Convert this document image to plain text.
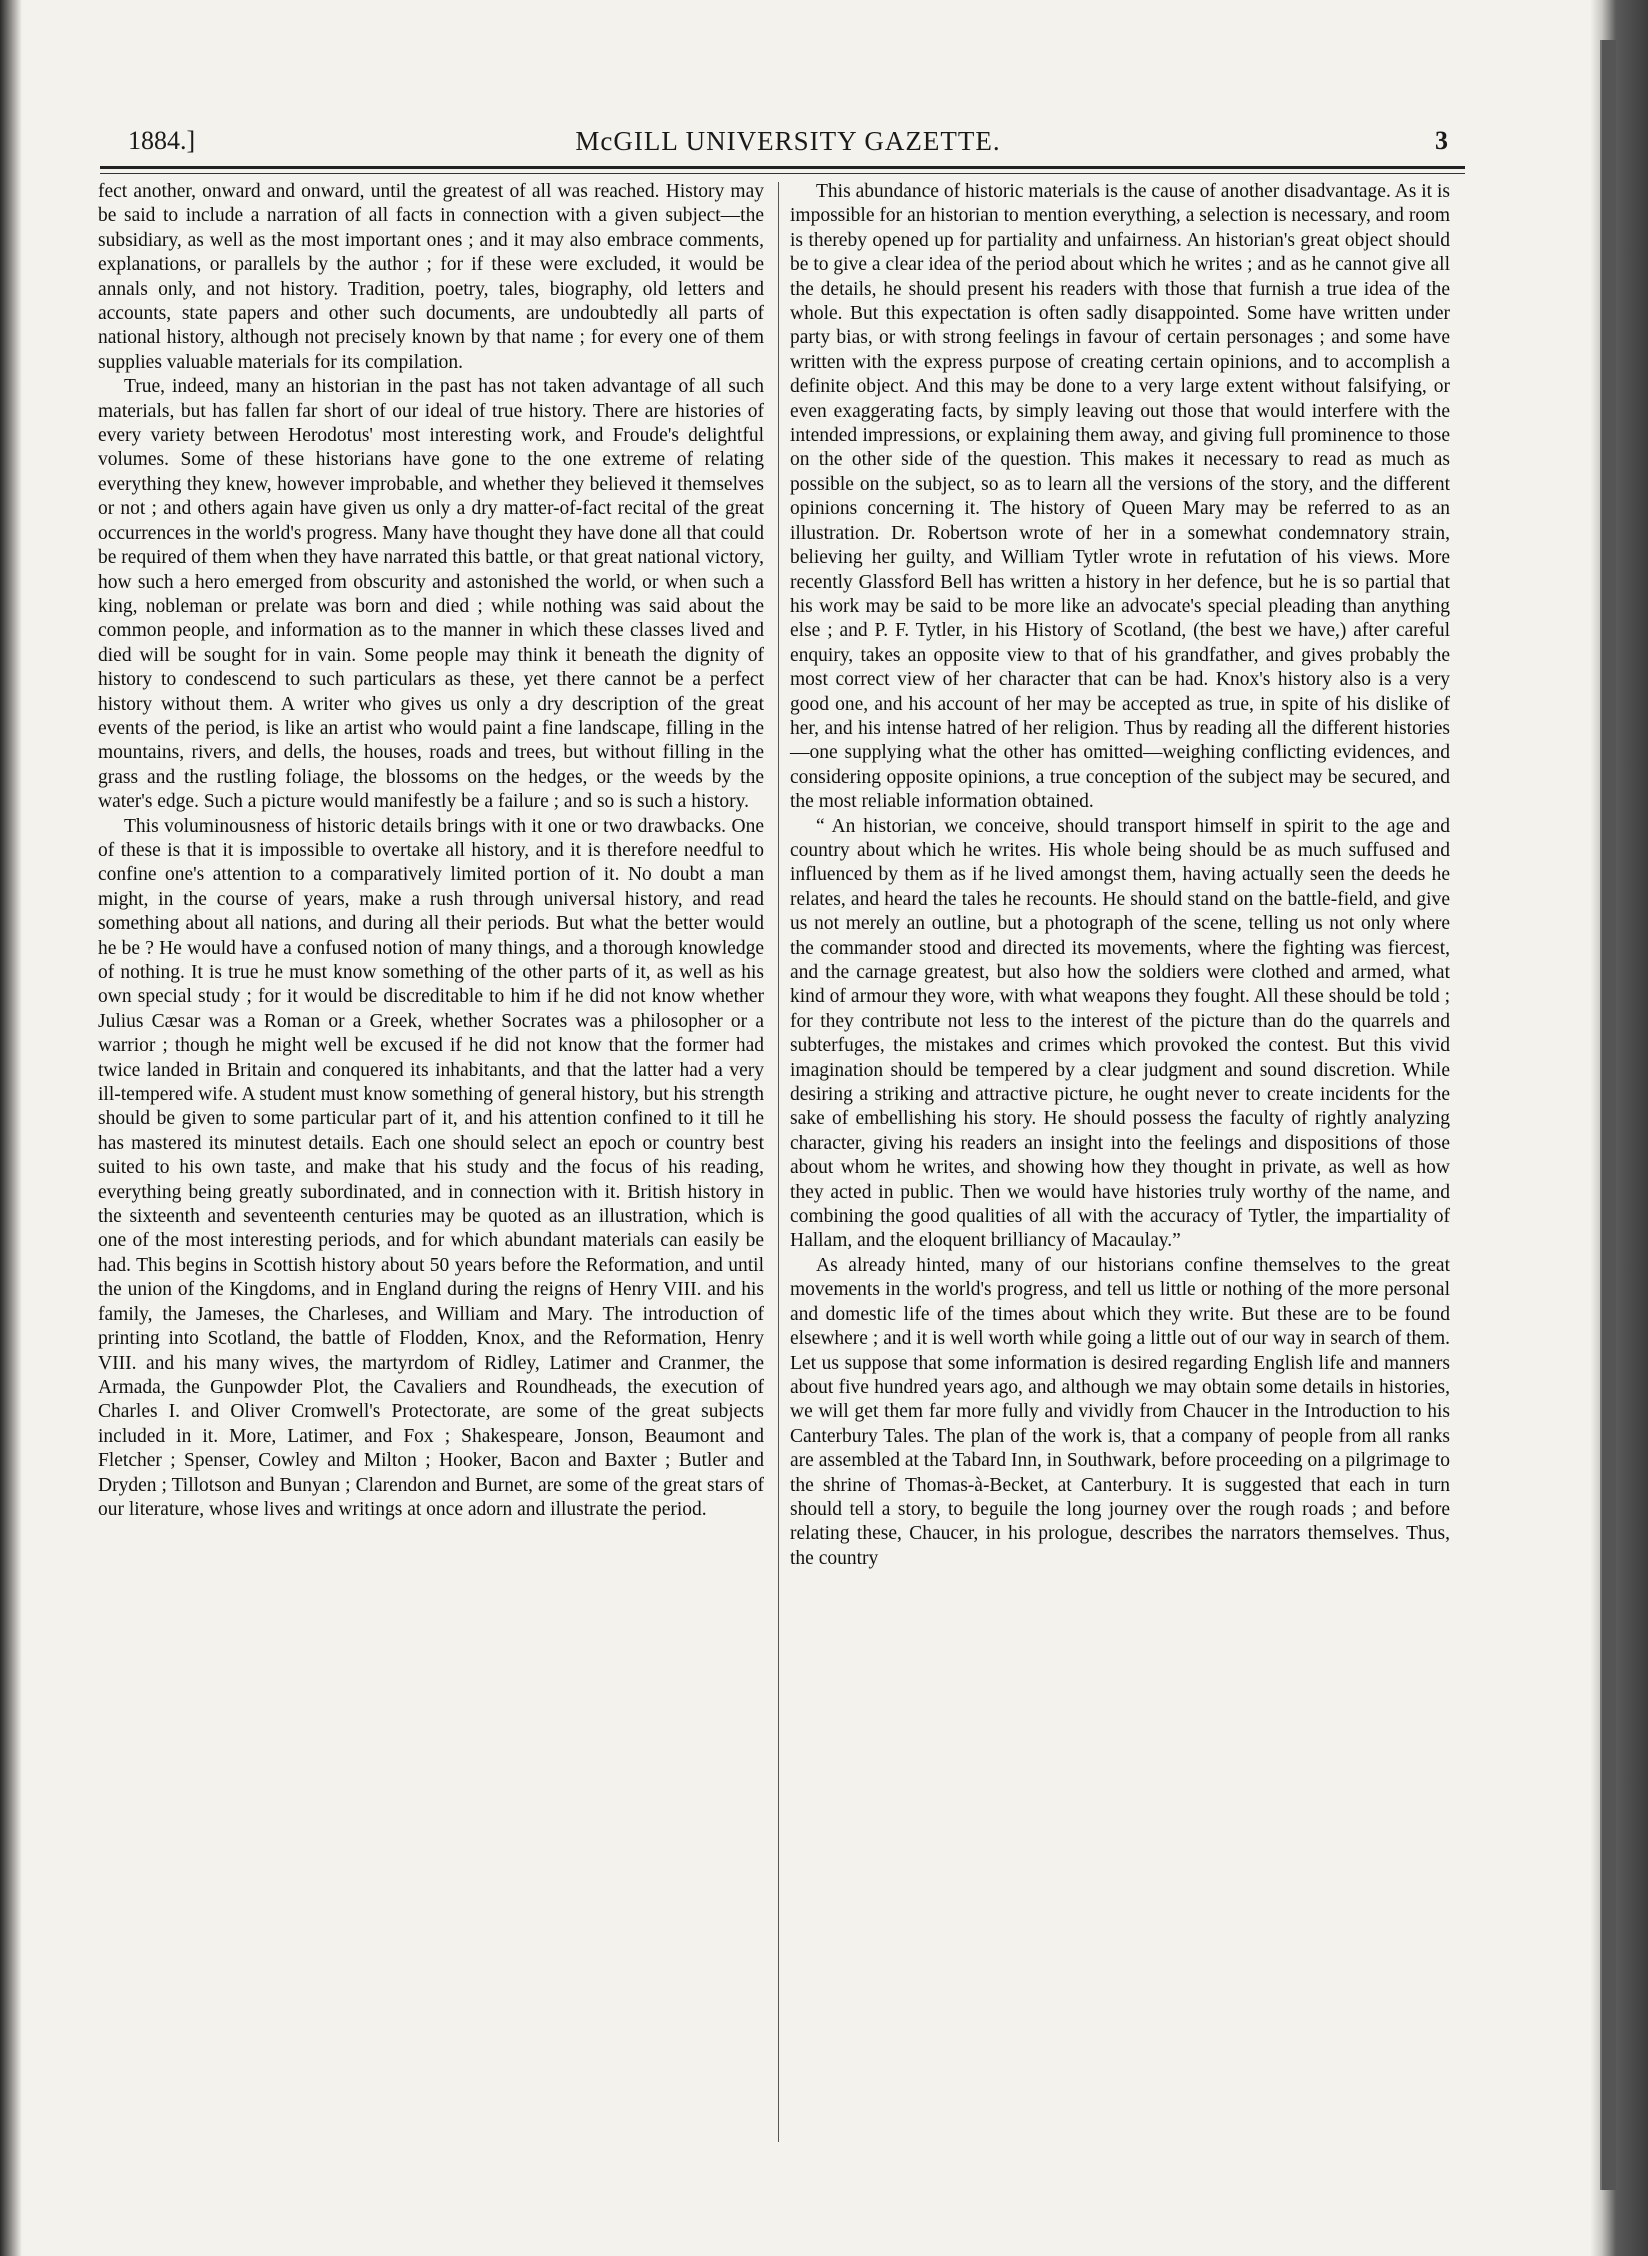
1884.]	McGILL UNIVERSITY GAZETTE.	3

fect another, onward and onward, until the greatest of all was reached. History may be said to include a narration of all facts in connection with a given subject—the subsidiary, as well as the most important ones ; and it may also embrace comments, explanations, or parallels by the author ; for if these were excluded, it would be annals only, and not history. Tradition, poetry, tales, biography, old letters and accounts, state papers and other such documents, are undoubtedly all parts of national history, although not precisely known by that name ; for every one of them supplies valuable materials for its compilation.

True, indeed, many an historian in the past has not taken advantage of all such materials, but has fallen far short of our ideal of true history. There are histories of every variety between Herodotus' most interesting work, and Froude's delightful volumes. Some of these historians have gone to the one extreme of relating everything they knew, however improbable, and whether they believed it themselves or not ; and others again have given us only a dry matter-of-fact recital of the great occurrences in the world's progress. Many have thought they have done all that could be required of them when they have narrated this battle, or that great national victory, how such a hero emerged from obscurity and astonished the world, or when such a king, nobleman or prelate was born and died ; while nothing was said about the common people, and information as to the manner in which these classes lived and died will be sought for in vain. Some people may think it beneath the dignity of history to condescend to such particulars as these, yet there cannot be a perfect history without them. A writer who gives us only a dry description of the great events of the period, is like an artist who would paint a fine landscape, filling in the mountains, rivers, and dells, the houses, roads and trees, but without filling in the grass and the rustling foliage, the blossoms on the hedges, or the weeds by the water's edge. Such a picture would manifestly be a failure ; and so is such a history.

This voluminousness of historic details brings with it one or two drawbacks. One of these is that it is impossible to overtake all history, and it is therefore needful to confine one's attention to a comparatively limited portion of it. No doubt a man might, in the course of years, make a rush through universal history, and read something about all nations, and during all their periods. But what the better would he be ? He would have a confused notion of many things, and a thorough knowledge of nothing. It is true he must know something of the other parts of it, as well as his own special study ; for it would be discreditable to him if he did not know whether Julius Cæsar was a Roman or a Greek, whether Socrates was a philosopher or a warrior ; though he might well be excused if he did not know that the former had twice landed in Britain and conquered its inhabitants, and that the latter had a very ill-tempered wife. A student must know something of general history, but his strength should be given to some particular part of it, and his attention confined to it till he has mastered its minutest details. Each one should select an epoch or country best suited to his own taste, and make that his study and the focus of his reading, everything being greatly subordinated, and in connection with it. British history in the sixteenth and seventeenth centuries may be quoted as an illustration, which is one of the most interesting periods, and for which abundant materials can easily be had. This begins in Scottish history about 50 years before the Reformation, and until the union of the Kingdoms, and in England during the reigns of Henry VIII. and his family, the Jameses, the Charleses, and William and Mary. The introduction of printing into Scotland, the battle of Flodden, Knox, and the Reformation, Henry VIII. and his many wives, the martyrdom of Ridley, Latimer and Cranmer, the Armada, the Gunpowder Plot, the Cavaliers and Roundheads, the execution of Charles I. and Oliver Cromwell's Protectorate, are some of the great subjects included in it. More, Latimer, and Fox ; Shakespeare, Jonson, Beaumont and Fletcher ; Spenser, Cowley and Milton ; Hooker, Bacon and Baxter ; Butler and Dryden ; Tillotson and Bunyan ; Clarendon and Burnet, are some of the great stars of our literature, whose lives and writings at once adorn and illustrate the period.

This abundance of historic materials is the cause of another disadvantage. As it is impossible for an historian to mention everything, a selection is necessary, and room is thereby opened up for partiality and unfairness. An historian's great object should be to give a clear idea of the period about which he writes ; and as he cannot give all the details, he should present his readers with those that furnish a true idea of the whole. But this expectation is often sadly disappointed. Some have written under party bias, or with strong feelings in favour of certain personages ; and some have written with the express purpose of creating certain opinions, and to accomplish a definite object. And this may be done to a very large extent without falsifying, or even exaggerating facts, by simply leaving out those that would interfere with the intended impressions, or explaining them away, and giving full prominence to those on the other side of the question. This makes it necessary to read as much as possible on the subject, so as to learn all the versions of the story, and the different opinions concerning it. The history of Queen Mary may be referred to as an illustration. Dr. Robertson wrote of her in a somewhat condemnatory strain, believing her guilty, and William Tytler wrote in refutation of his views. More recently Glassford Bell has written a history in her defence, but he is so partial that his work may be said to be more like an advocate's special pleading than anything else ; and P. F. Tytler, in his History of Scotland, (the best we have,) after careful enquiry, takes an opposite view to that of his grandfather, and gives probably the most correct view of her character that can be had. Knox's history also is a very good one, and his account of her may be accepted as true, in spite of his dislike of her, and his intense hatred of her religion. Thus by reading all the different histories—one supplying what the other has omitted—weighing conflicting evidences, and considering opposite opinions, a true conception of the subject may be secured, and the most reliable information obtained.

“ An historian, we conceive, should transport himself in spirit to the age and country about which he writes. His whole being should be as much suffused and influenced by them as if he lived amongst them, having actually seen the deeds he relates, and heard the tales he recounts. He should stand on the battle-field, and give us not merely an outline, but a photograph of the scene, telling us not only where the commander stood and directed its movements, where the fighting was fiercest, and the carnage greatest, but also how the soldiers were clothed and armed, what kind of armour they wore, with what weapons they fought. All these should be told ; for they contribute not less to the interest of the picture than do the quarrels and subterfuges, the mistakes and crimes which provoked the contest. But this vivid imagination should be tempered by a clear judgment and sound discretion. While desiring a striking and attractive picture, he ought never to create incidents for the sake of embellishing his story. He should possess the faculty of rightly analyzing character, giving his readers an insight into the feelings and dispositions of those about whom he writes, and showing how they thought in private, as well as how they acted in public. Then we would have histories truly worthy of the name, and combining the good qualities of all with the accuracy of Tytler, the impartiality of Hallam, and the eloquent brilliancy of Macaulay.”

As already hinted, many of our historians confine themselves to the great movements in the world's progress, and tell us little or nothing of the more personal and domestic life of the times about which they write. But these are to be found elsewhere ; and it is well worth while going a little out of our way in search of them. Let us suppose that some information is desired regarding English life and manners about five hundred years ago, and although we may obtain some details in histories, we will get them far more fully and vividly from Chaucer in the Introduction to his Canterbury Tales. The plan of the work is, that a company of people from all ranks are assembled at the Tabard Inn, in Southwark, before proceeding on a pilgrimage to the shrine of Thomas-à-Becket, at Canterbury. It is suggested that each in turn should tell a story, to beguile the long journey over the rough roads ; and before relating these, Chaucer, in his prologue, describes the narrators themselves. Thus, the country
